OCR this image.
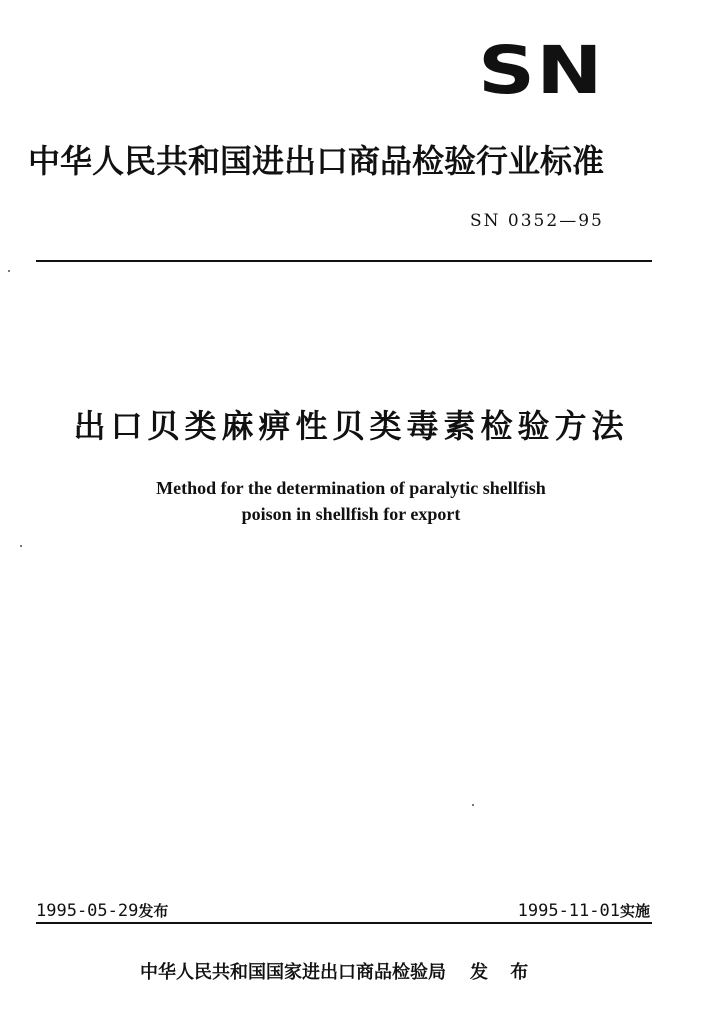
SN
中华人民共和国进出口商品检验行业标准
SN 0352—95
出口贝类麻痹性贝类毒素检验方法
Method for the determination of paralytic shellfish
poison in shellfish for export
1995-05-29发布	1995-11-01实施
中华人民共和国国家进出口商品检验局 发 布
